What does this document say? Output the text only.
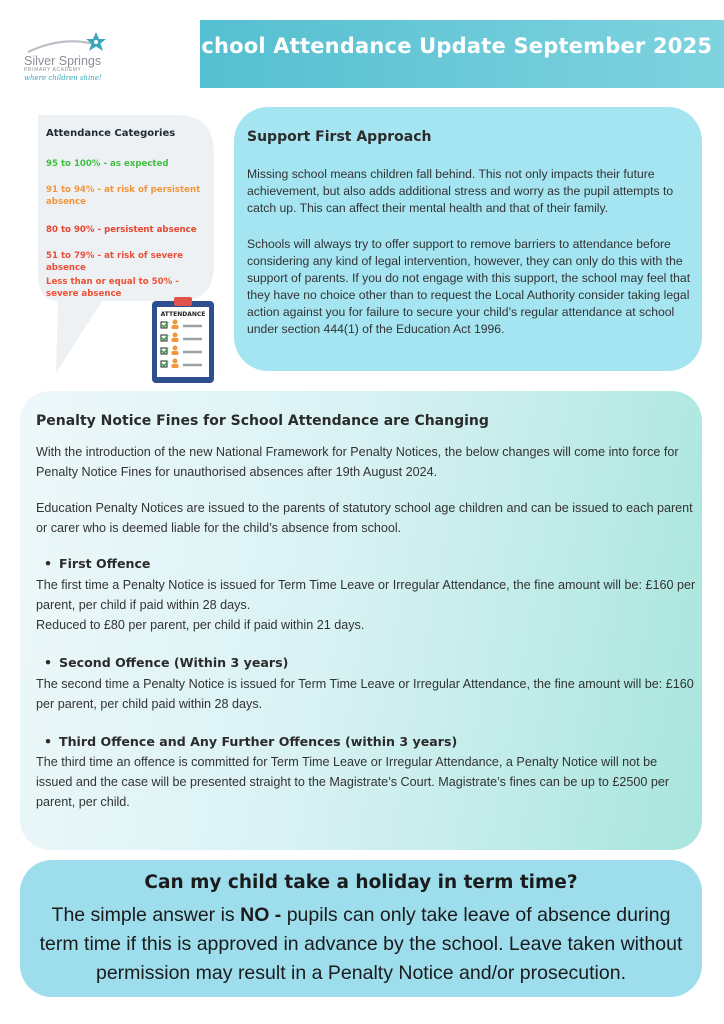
School Attendance Update September 2025
Silver Springs
PRIMARY ACADEMY
where children shine!
Attendance Categories
95 to 100% - as expected
91 to 94% - at risk of persistent absence
80 to 90% - persistent absence
51 to 79% - at risk of severe absence
Less than or equal to 50% - severe absence
ATTENDANCE
Support First Approach
Missing school means children fall behind. This not only impacts their future achievement, but also adds additional stress and worry as the pupil attempts to catch up. This can affect their mental health and that of their family.
Schools will always try to offer support to remove barriers to attendance before considering any kind of legal intervention, however, they can only do this with the support of parents. If you do not engage with this support, the school may feel that they have no choice other than to request the Local Authority consider taking legal action against you for failure to secure your child’s regular attendance at school under section 444(1) of the Education Act 1996.
Penalty Notice Fines for School Attendance are Changing
With the introduction of the new National Framework for Penalty Notices, the below changes will come into force for Penalty Notice Fines for unauthorised absences after 19th August 2024.
Education Penalty Notices are issued to the parents of statutory school age children and can be issued to each parent or carer who is deemed liable for the child’s absence from school.
• First Offence
The first time a Penalty Notice is issued for Term Time Leave or Irregular Attendance, the fine amount will be: £160 per parent, per child if paid within 28 days.
Reduced to £80 per parent, per child if paid within 21 days.
• Second Offence (Within 3 years)
The second time a Penalty Notice is issued for Term Time Leave or Irregular Attendance, the fine amount will be: £160 per parent, per child paid within 28 days.
• Third Offence and Any Further Offences (within 3 years)
The third time an offence is committed for Term Time Leave or Irregular Attendance, a Penalty Notice will not be issued and the case will be presented straight to the Magistrate’s Court. Magistrate’s fines can be up to £2500 per parent, per child.
Can my child take a holiday in term time?
The simple answer is NO - pupils can only take leave of absence during term time if this is approved in advance by the school. Leave taken without permission may result in a Penalty Notice and/or prosecution.
